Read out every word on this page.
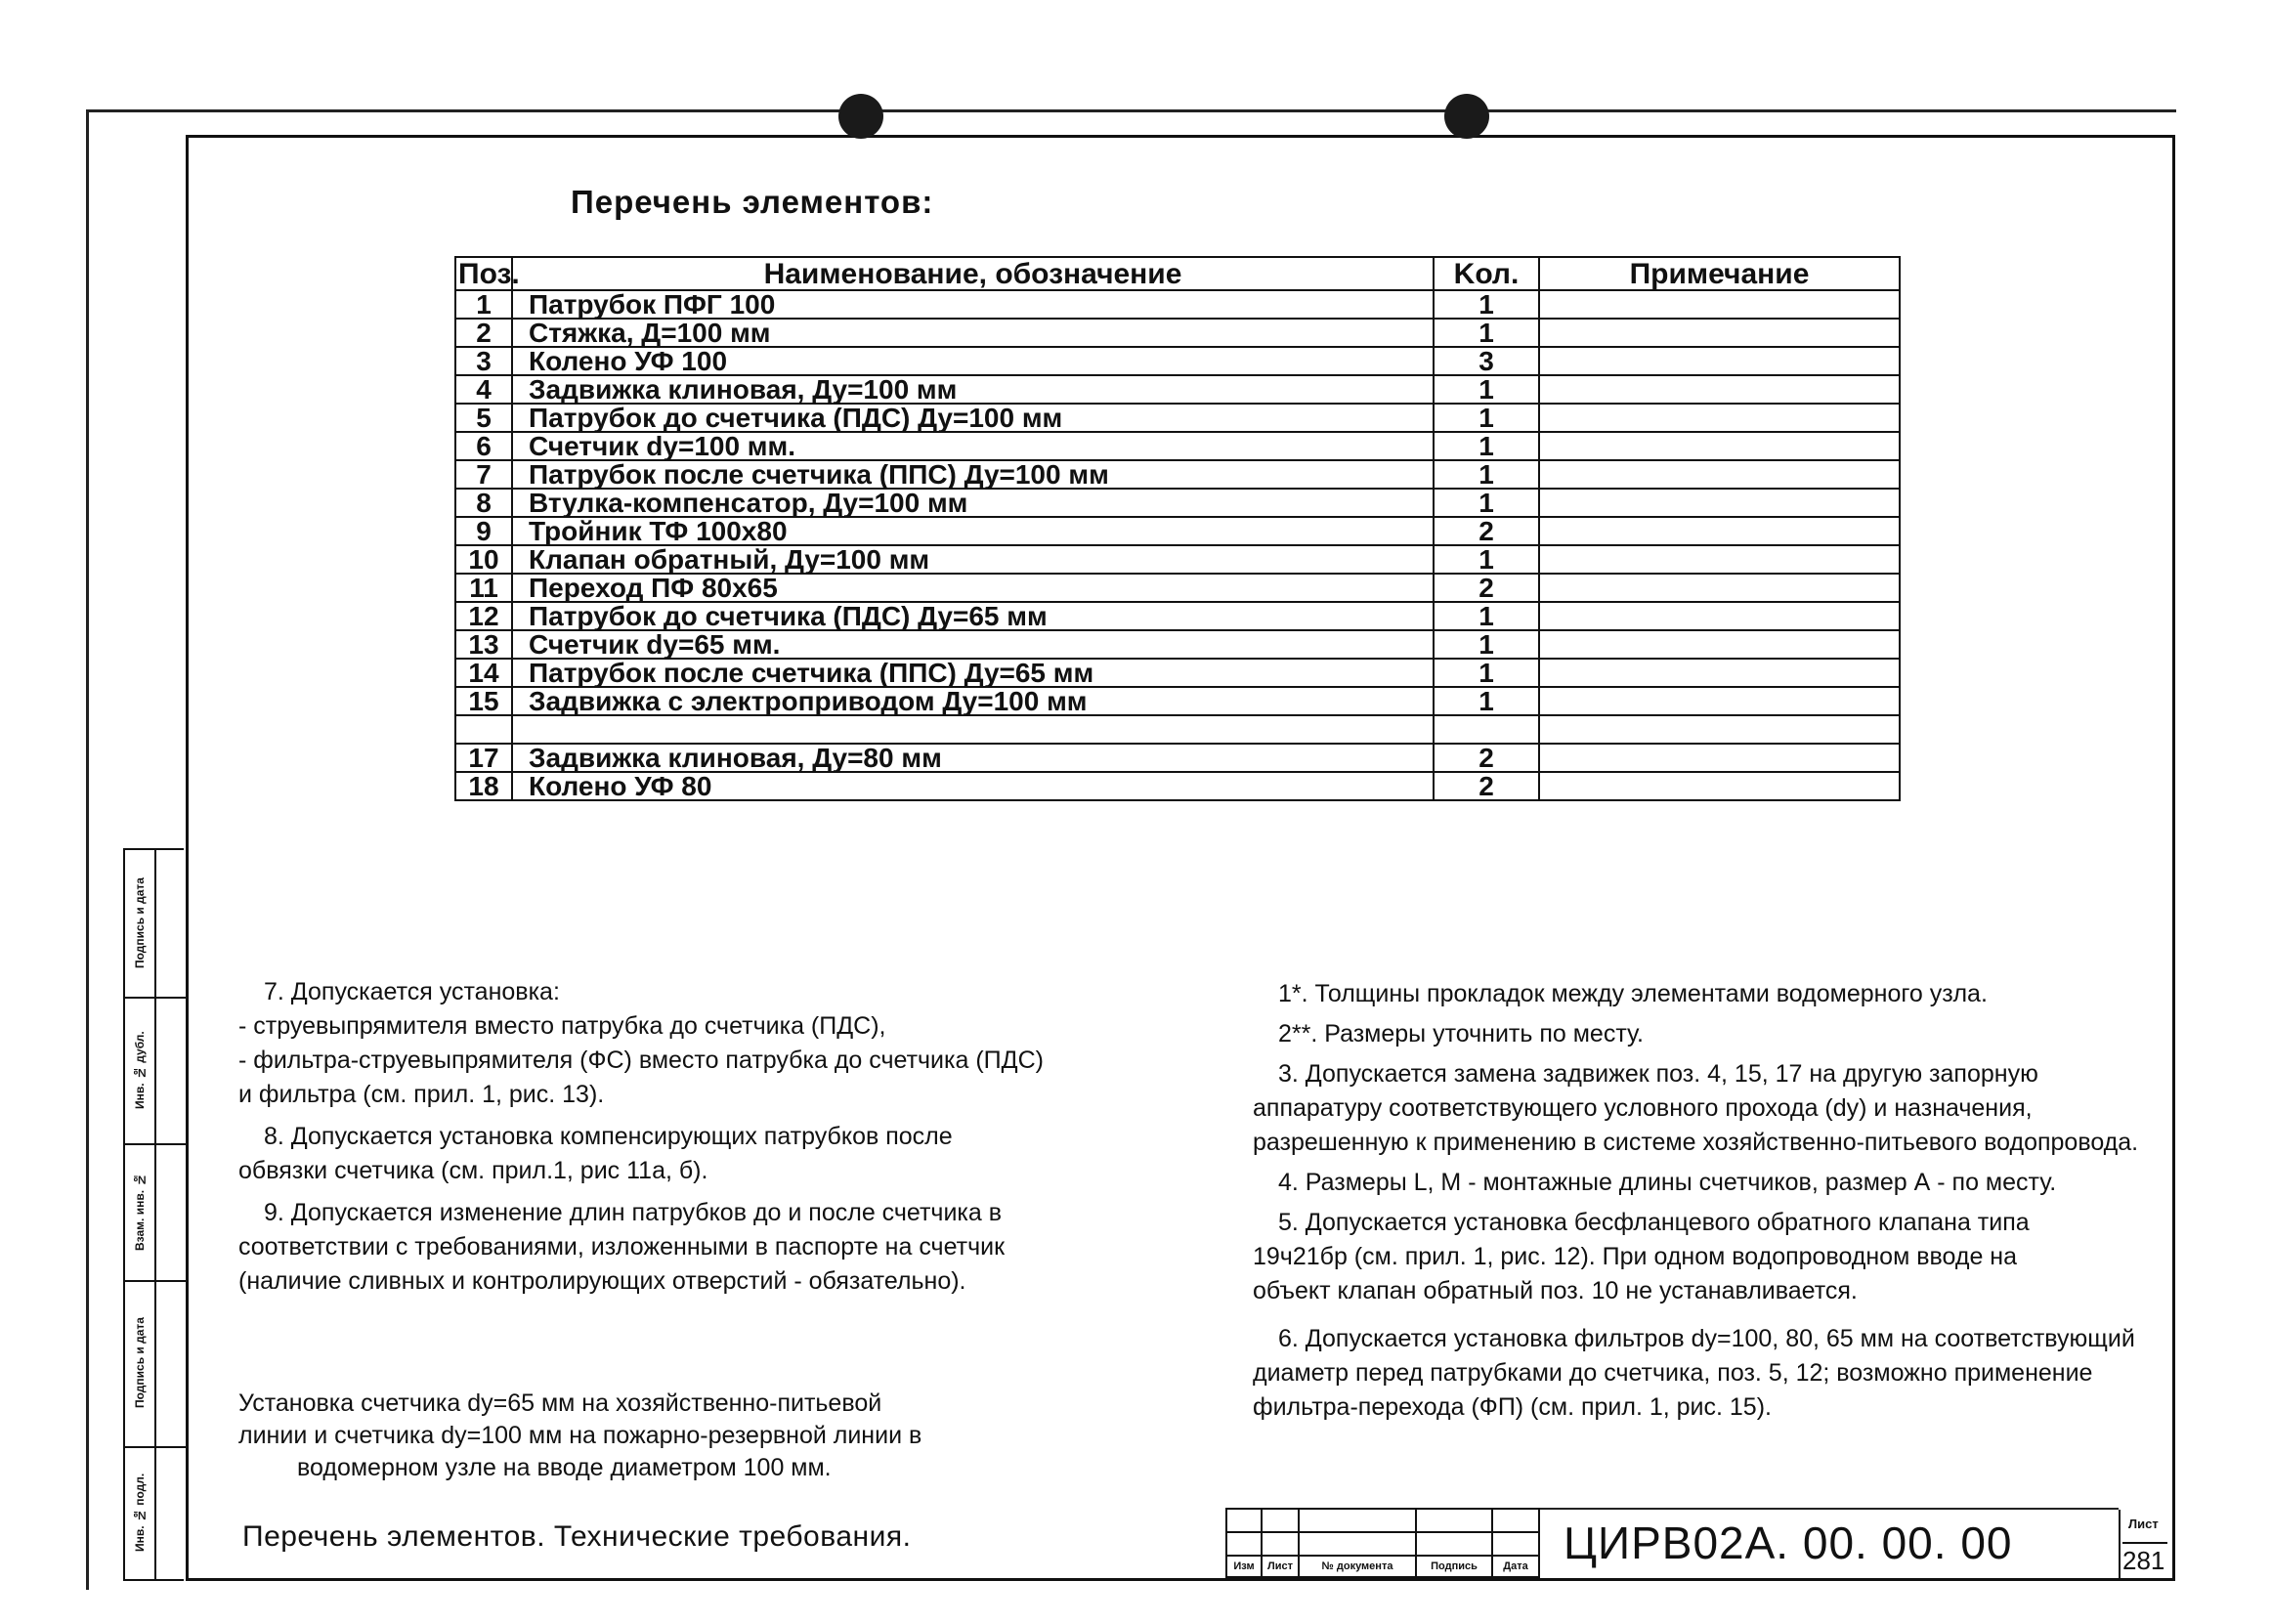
Перечень элементов:
Поз.	Наименование, обозначение	Kол.	Примечание
1	Патрубок ПФГ 100	1	
2	Стяжка, Д=100 мм	1	
3	Колено УФ 100	3	
4	Задвижка клиновая, Ду=100 мм	1	
5	Патрубок до счетчика (ПДС) Ду=100 мм	1	
6	Счетчик dy=100 мм.	1	
7	Патрубок после счетчика (ППС) Ду=100 мм	1	
8	Втулка-компенсатор, Ду=100 мм	1	
9	Тройник ТФ 100х80	2	
10	Клапан обратный, Ду=100 мм	1	
11	Переход ПФ 80х65	2	
12	Патрубок до счетчика (ПДС) Ду=65 мм	1	
13	Счетчик dy=65 мм.	1	
14	Патрубок после счетчика (ППС) Ду=65 мм	1	
15	Задвижка с электроприводом Ду=100 мм	1	

17	Задвижка клиновая, Ду=80 мм	2	
18	Колено УФ 80	2	

7. Допускается установка:

- струевыпрямителя вместо патрубка до счетчика (ПДС),

- фильтра-струевыпрямителя (ФС) вместо патрубка до счетчика (ПДС)

и фильтра (см. прил. 1, рис. 13).

8. Допускается установка компенсирующих патрубков после

обвязки счетчика (см. прил.1, рис 11а, б).

9. Допускается изменение длин патрубков до и после счетчика в

соответствии с требованиями, изложенными в паспорте на счетчик

(наличие сливных и контролирующих отверстий - обязательно).

1*. Толщины прокладок между элементами водомерного узла.

2**. Размеры уточнить по месту.

3. Допускается замена задвижек поз. 4, 15, 17 на другую запорную

аппаратуру соответствующего условного прохода (dy) и назначения,

разрешенную к применению в системе хозяйственно-питьевого водопровода.

4. Размеры L, M - монтажные длины счетчиков, размер А - по месту.

5. Допускается установка бесфланцевого обратного клапана типа

19ч21бр (см. прил. 1, рис. 12). При одном водопроводном вводе на

объект клапан обратный поз. 10 не устанавливается.

6. Допускается установка фильтров dy=100, 80, 65 мм на соответствующий

диаметр перед патрубками до счетчика, поз. 5, 12; возможно применение

фильтра-перехода (ФП) (см. прил. 1, рис. 15).

Установка счетчика dy=65 мм на хозяйственно-питьевой

линии и счетчика dy=100 мм на пожарно-резервной линии в

водомерном узле на вводе диаметром 100 мм.

Перечень элементов. Технические требования.

Изм	Лист	№ документа	Подпись	Дата ЦИРВ02А. 00. 00. 00	Лист
281
Подпись и дата
Инв. № дубл.
Взам. инв. №
Подпись и дата
Инв. № подл.
